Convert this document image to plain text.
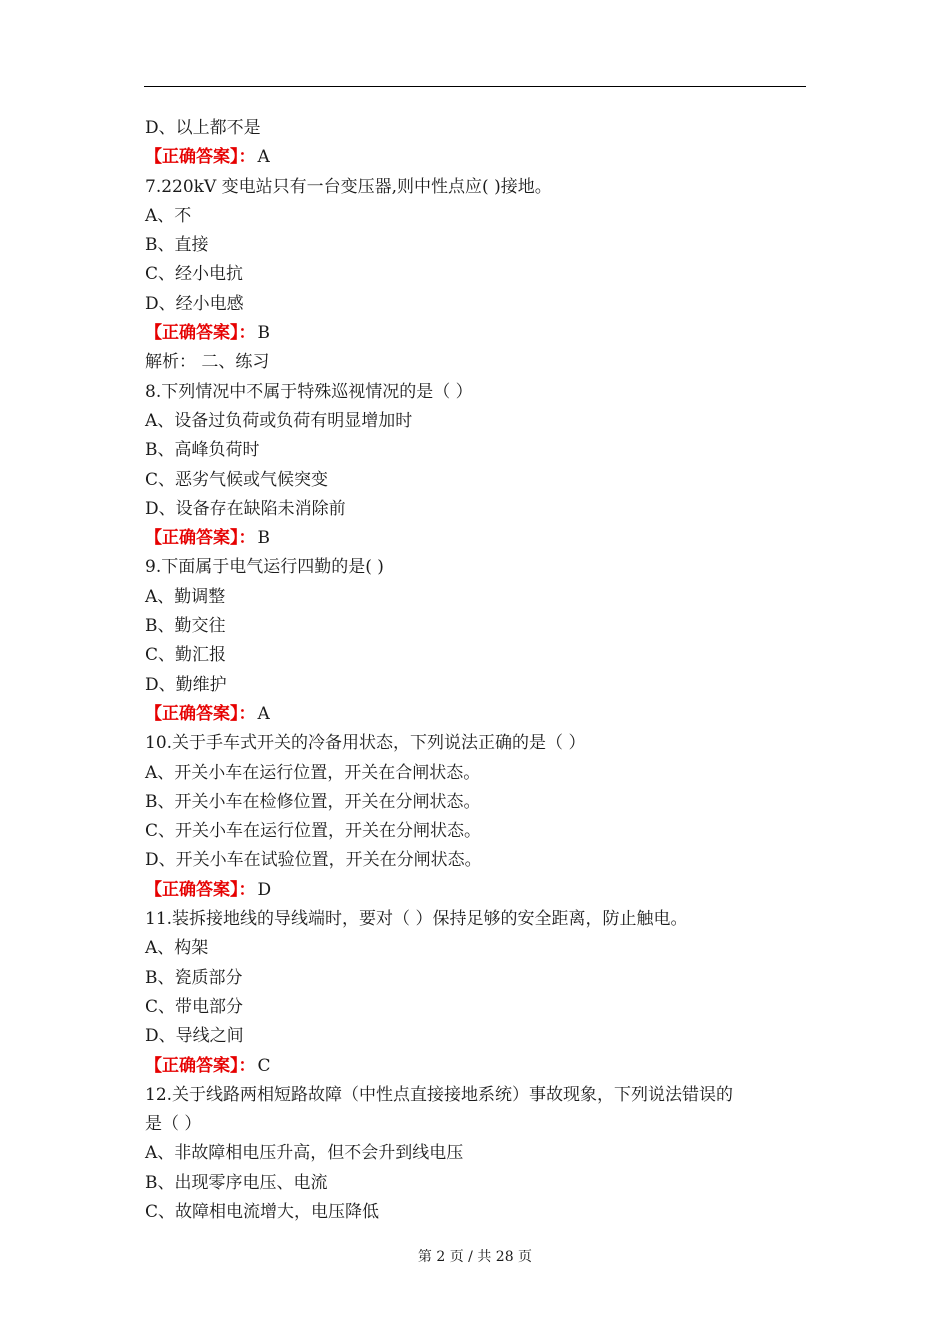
D、以上都不是
【正确答案】： A
7.220kV 变电站只有一台变压器,则中性点应( )接地。
A、不
B、直接
C、经小电抗
D、经小电感
【正确答案】： B
解析： 二、练习
8.下列情况中不属于特殊巡视情况的是（ ）
A、设备过负荷或负荷有明显增加时
B、高峰负荷时
C、恶劣气候或气候突变
D、设备存在缺陷未消除前
【正确答案】： B
9.下面属于电气运行四勤的是( )
A、勤调整
B、勤交往
C、勤汇报
D、勤维护
【正确答案】： A
10.关于手车式开关的冷备用状态，下列说法正确的是（ ）
A、开关小车在运行位置，开关在合闸状态。
B、开关小车在检修位置，开关在分闸状态。
C、开关小车在运行位置，开关在分闸状态。
D、开关小车在试验位置，开关在分闸状态。
【正确答案】： D
11.装拆接地线的导线端时，要对（ ）保持足够的安全距离，防止触电。
A、构架
B、瓷质部分
C、带电部分
D、导线之间
【正确答案】： C
12.关于线路两相短路故障（中性点直接接地系统）事故现象，下列说法错误的
是（ ）
A、非故障相电压升高，但不会升到线电压
B、出现零序电压、电流
C、故障相电流增大，电压降低
第 2 页 / 共 28 页
